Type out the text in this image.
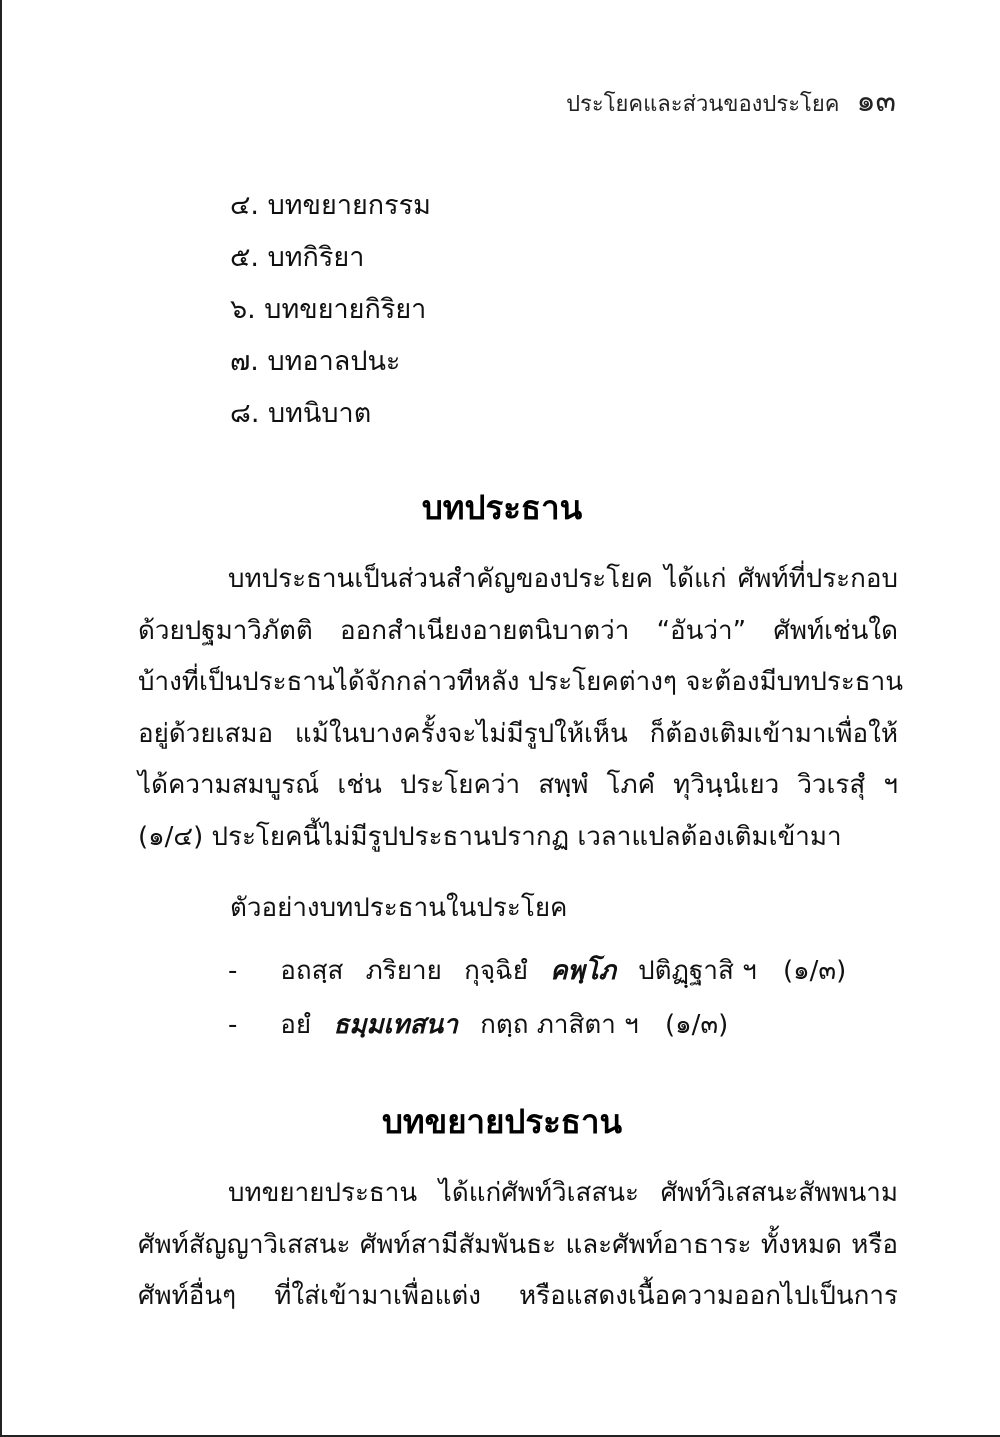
ประโยคและส่วนของประโยค ๑๓
๔. บทขยายกรรม
๕. บทกิริยา
๖. บทขยายกิริยา
๗. บทอาลปนะ
๘. บทนิบาต
บทประธาน

บทประธานเป็นส่วนสำคัญของประโยค ได้แก่ ศัพท์ที่ประกอบ
ด้วยปฐมาวิภัตติ ออกสำเนียงอายตนิบาตว่า “อันว่า” ศัพท์เช่นใด
บ้างที่เป็นประธานได้จักกล่าวทีหลัง ประโยคต่างๆ จะต้องมีบทประธาน
อยู่ด้วยเสมอ แม้ในบางครั้งจะไม่มีรูปให้เห็น ก็ต้องเติมเข้ามาเพื่อให้
ได้ความสมบูรณ์ เช่น ประโยคว่า สพฺพํ โภคํ ทุวินฺนํเยว วิวเรสุํ ฯ
(๑/๔) ประโยคนี้ไม่มีรูปประธานปรากฏ เวลาแปลต้องเติมเข้ามา

ตัวอย่างบทประธานในประโยค

- อถสฺส ภริยาย กุจฺฉิยํ คพฺโภ ปติฏฺฐาสิ ฯ (๑/๓)
- อยํ ธมฺมเทสนา กตฺถ ภาสิตา ฯ (๑/๓)
บทขยายประธาน

บทขยายประธาน ได้แก่ศัพท์วิเสสนะ ศัพท์วิเสสนะสัพพนาม
ศัพท์สัญญาวิเสสนะ ศัพท์สามีสัมพันธะ และศัพท์อาธาระ ทั้งหมด หรือ
ศัพท์อื่นๆ ที่ใส่เข้ามาเพื่อแต่ง หรือแสดงเนื้อความออกไปเป็นการ
